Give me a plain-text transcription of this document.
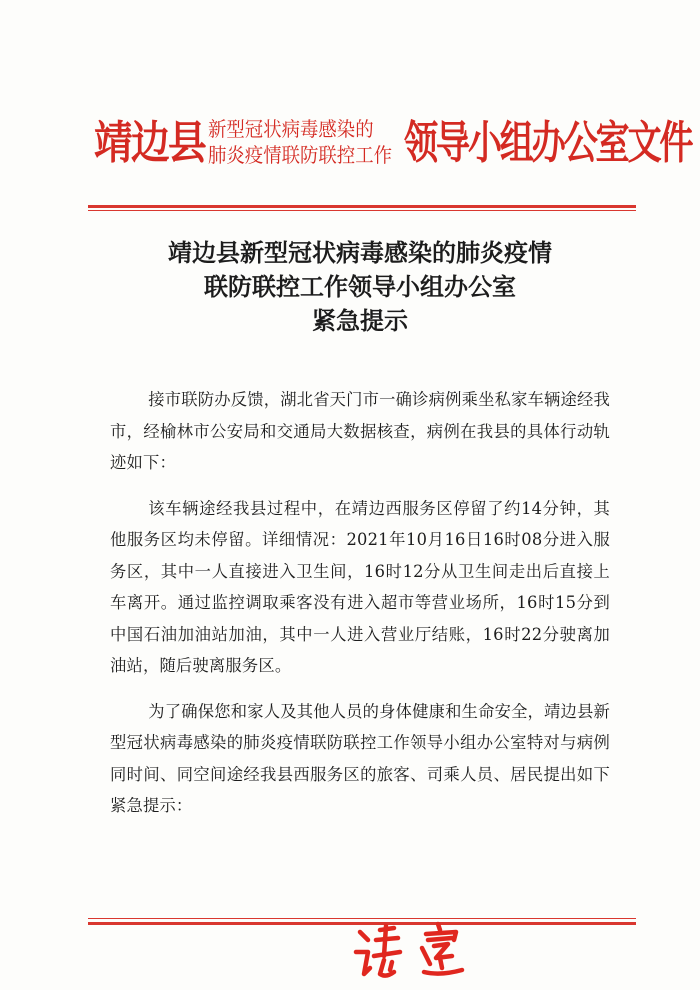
靖边县 新型冠状病毒感染的
肺炎疫情联防联控工作 领导小组办公室文件
靖边县新型冠状病毒感染的肺炎疫情
联防联控工作领导小组办公室
紧急提示

接市联防办反馈，湖北省天门市一确诊病例乘坐私家车辆途经我市，经榆林市公安局和交通局大数据核查，病例在我县的具体行动轨迹如下：

该车辆途经我县过程中，在靖边西服务区停留了约14分钟，其他服务区均未停留。详细情况：2021年10月16日16时08分进入服务区，其中一人直接进入卫生间，16时12分从卫生间走出后直接上车离开。通过监控调取乘客没有进入超市等营业场所，16时15分到中国石油加油站加油，其中一人进入营业厅结账，16时22分驶离加油站，随后驶离服务区。

为了确保您和家人及其他人员的身体健康和生命安全，靖边县新型冠状病毒感染的肺炎疫情联防联控工作领导小组办公室特对与病例同时间、同空间途经我县西服务区的旅客、司乘人员、居民提出如下紧急提示：
